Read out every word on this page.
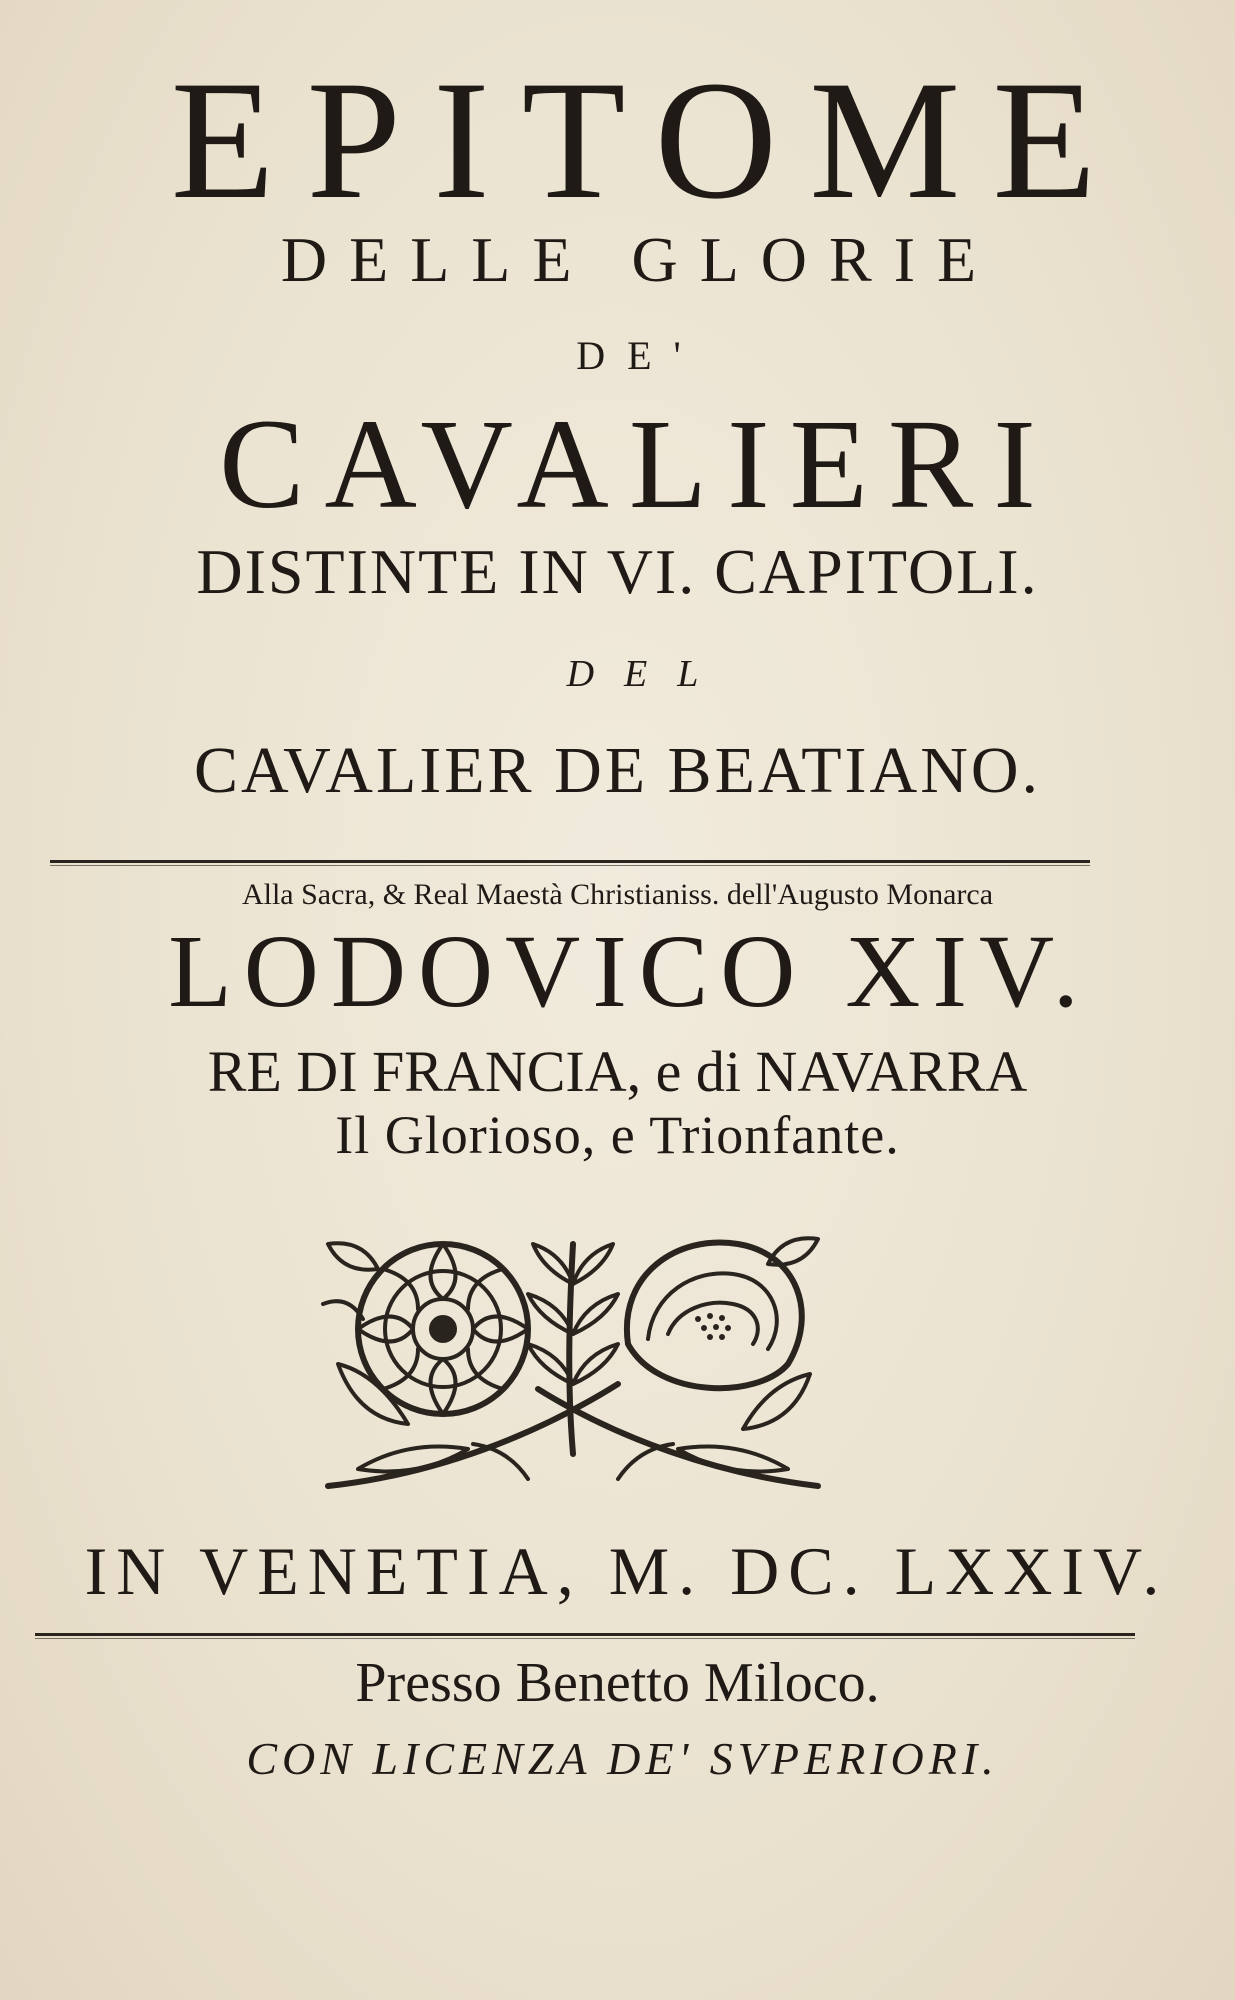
EPITOME
DELLE GLORIE
DE'
CAVALIERI
DISTINTE IN VI. CAPITOLI.
DEL
CAVALIER DE BEATIANO.
Alla Sacra, & Real Maestà Christianiss. dell'Augusto Monarca
LODOVICO XIV.
RE DI FRANCIA, e di NAVARRA
Il Glorioso, e Trionfante.
IN VENETIA, M. DC. LXXIV.
Presso Benetto Miloco.
CON LICENZA DE' SVPERIORI.
